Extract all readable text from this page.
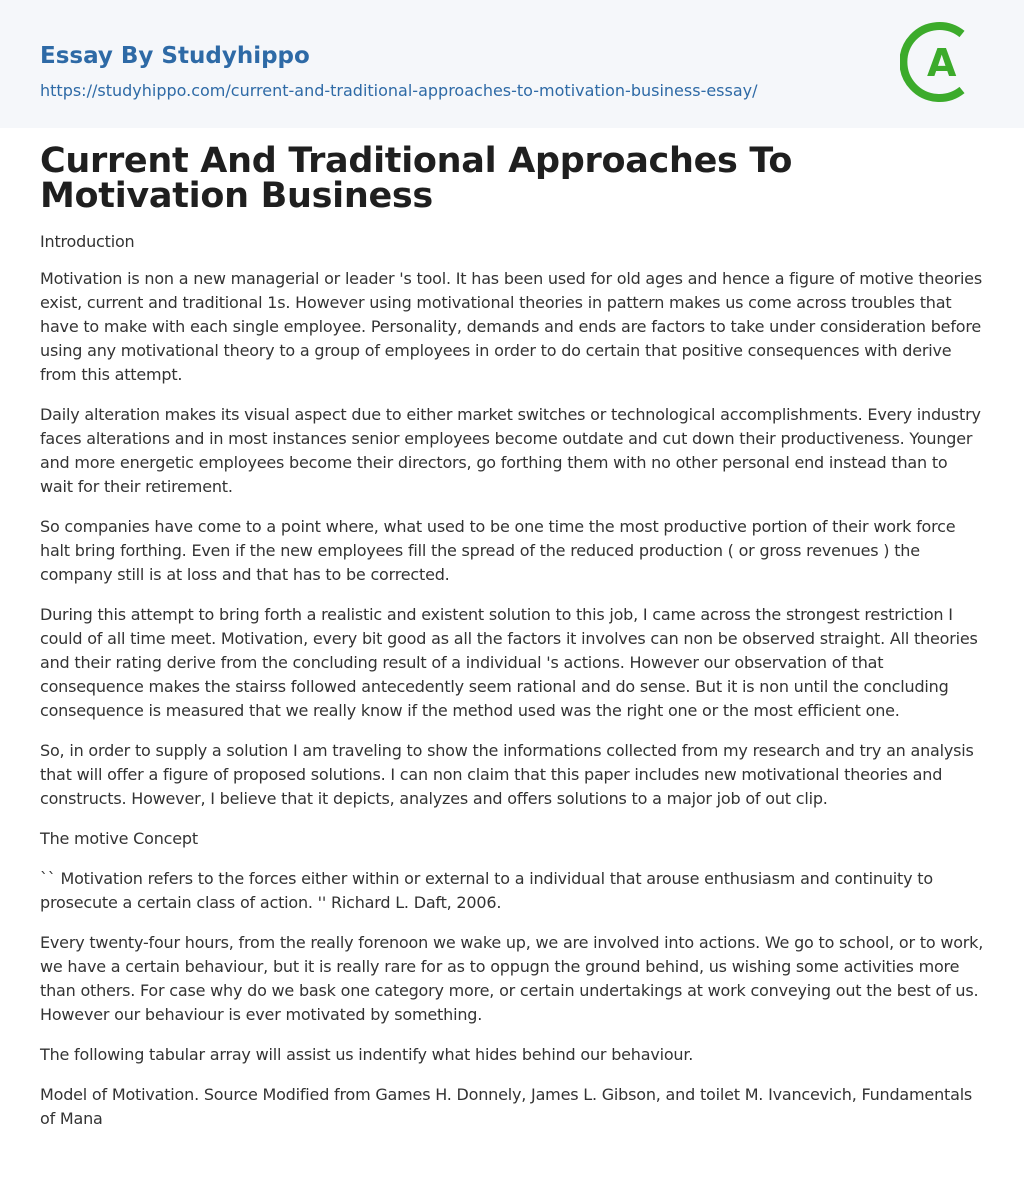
Essay By Studyhippo
https://studyhippo.com/current-and-traditional-approaches-to-motivation-business-essay/
A
Current And Traditional Approaches To Motivation Business

Introduction

Motivation is non a new managerial or leader 's tool. It has been used for old ages and hence a figure of motive theories exist, current and traditional 1s. However using motivational theories in pattern makes us come across troubles that have to make with each single employee. Personality, demands and ends are factors to take under consideration before using any motivational theory to a group of employees in order to do certain that positive consequences with derive from this attempt.

Daily alteration makes its visual aspect due to either market switches or technological accomplishments. Every industry faces alterations and in most instances senior employees become outdate and cut down their productiveness. Younger and more energetic employees become their directors, go forthing them with no other personal end instead than to wait for their retirement.

So companies have come to a point where, what used to be one time the most productive portion of their work force halt bring forthing. Even if the new employees fill the spread of the reduced production ( or gross revenues ) the company still is at loss and that has to be corrected.

During this attempt to bring forth a realistic and existent solution to this job, I came across the strongest restriction I could of all time meet. Motivation, every bit good as all the factors it involves can non be observed straight. All theories and their rating derive from the concluding result of a individual 's actions. However our observation of that consequence makes the stairss followed antecedently seem rational and do sense. But it is non until the concluding consequence is measured that we really know if the method used was the right one or the most efficient one.

So, in order to supply a solution I am traveling to show the informations collected from my research and try an analysis that will offer a figure of proposed solutions. I can non claim that this paper includes new motivational theories and constructs. However, I believe that it depicts, analyzes and offers solutions to a major job of out clip.

The motive Concept

`` Motivation refers to the forces either within or external to a individual that arouse enthusiasm and continuity to prosecute a certain class of action. '' Richard L. Daft, 2006.

Every twenty-four hours, from the really forenoon we wake up, we are involved into actions. We go to school, or to work, we have a certain behaviour, but it is really rare for as to oppugn the ground behind, us wishing some activities more than others. For case why do we bask one category more, or certain undertakings at work conveying out the best of us. However our behaviour is ever motivated by something.

The following tabular array will assist us indentify what hides behind our behaviour.

Model of Motivation. Source Modified from Games H. Donnely, James L. Gibson, and toilet M. Ivancevich, Fundamentals of Mana
